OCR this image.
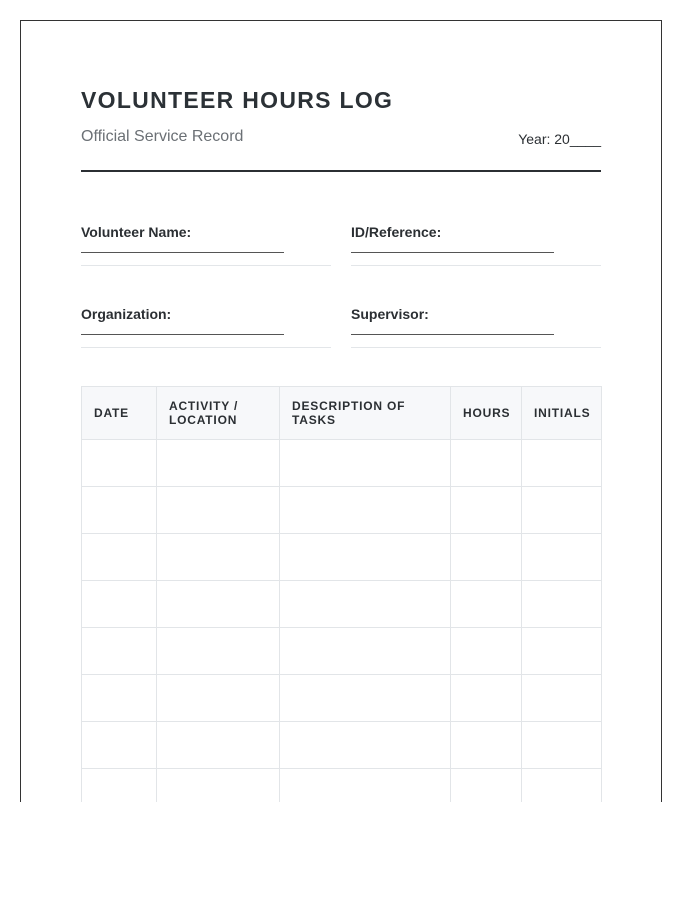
VOLUNTEER HOURS LOG
Official Service Record	Year: 20____
Volunteer Name:	ID/Reference:
Organization:	Supervisor:
DATE	ACTIVITY / LOCATION	DESCRIPTION OF TASKS	HOURS	INITIALS
